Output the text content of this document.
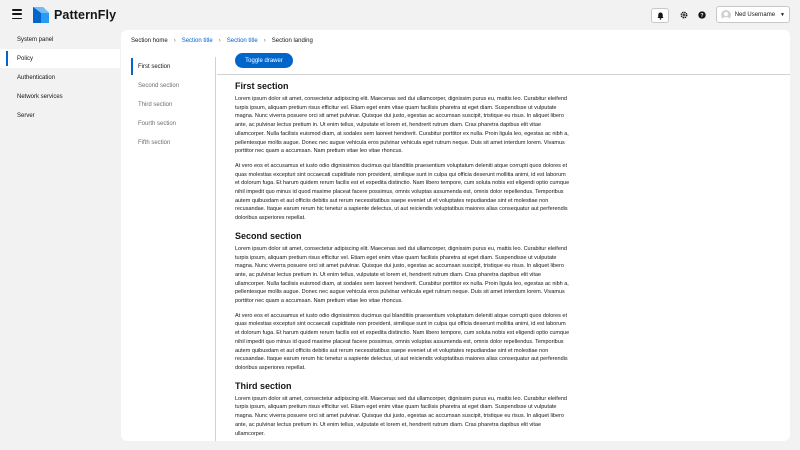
PatternFly	?	Ned Username ▼
System panel
Policy
Authentication
Network services
Server
Section home › Section title › Section title › Section landing
First section
Second section
Third section
Fourth section
Fifth section
Toggle drawer
First section

Lorem ipsum dolor sit amet, consectetur adipiscing elit. Maecenas sed dui ullamcorper, dignissim purus eu, mattis leo. Curabitur eleifend turpis ipsum, aliquam pretium risus efficitur vel. Etiam eget enim vitae quam facilisis pharetra at eget diam. Suspendisse ut vulputate magna. Nunc viverra posuere orci sit amet pulvinar. Quisque dui justo, egestas ac accumsan suscipit, tristique eu risus. In aliquet libero ante, ac pulvinar lectus pretium in. Ut enim tellus, vulputate et lorem et, hendrerit rutrum diam. Cras pharetra dapibus elit vitae ullamcorper. Nulla facilisis euismod diam, at sodales sem laoreet hendrerit. Curabitur porttitor ex nulla. Proin ligula leo, egestas ac nibh a, pellentesque mollis augue. Donec nec augue vehicula eros pulvinar vehicula eget rutrum neque. Duis sit amet interdum lorem. Vivamus porttitor nec quam a accumsan. Nam pretium vitae leo vitae rhoncus.

At vero eos et accusamus et iusto odio dignissimos ducimus qui blanditiis praesentium voluptatum deleniti atque corrupti quos dolores et quas molestias excepturi sint occaecati cupiditate non provident, similique sunt in culpa qui officia deserunt mollitia animi, id est laborum et dolorum fuga. Et harum quidem rerum facilis est et expedita distinctio. Nam libero tempore, cum soluta nobis est eligendi optio cumque nihil impedit quo minus id quod maxime placeat facere possimus, omnis voluptas assumenda est, omnis dolor repellendus. Temporibus autem quibusdam et aut officiis debitis aut rerum necessitatibus saepe eveniet ut et voluptates repudiandae sint et molestiae non recusandae. Itaque earum rerum hic tenetur a sapiente delectus, ut aut reiciendis voluptatibus maiores alias consequatur aut perferendis doloribus asperiores repellat.

Second section

Lorem ipsum dolor sit amet, consectetur adipiscing elit. Maecenas sed dui ullamcorper, dignissim purus eu, mattis leo. Curabitur eleifend turpis ipsum, aliquam pretium risus efficitur vel. Etiam eget enim vitae quam facilisis pharetra at eget diam. Suspendisse ut vulputate magna. Nunc viverra posuere orci sit amet pulvinar. Quisque dui justo, egestas ac accumsan suscipit, tristique eu risus. In aliquet libero ante, ac pulvinar lectus pretium in. Ut enim tellus, vulputate et lorem et, hendrerit rutrum diam. Cras pharetra dapibus elit vitae ullamcorper. Nulla facilisis euismod diam, at sodales sem laoreet hendrerit. Curabitur porttitor ex nulla. Proin ligula leo, egestas ac nibh a, pellentesque mollis augue. Donec nec augue vehicula eros pulvinar vehicula eget rutrum neque. Duis sit amet interdum lorem. Vivamus porttitor nec quam a accumsan. Nam pretium vitae leo vitae rhoncus.

At vero eos et accusamus et iusto odio dignissimos ducimus qui blanditiis praesentium voluptatum deleniti atque corrupti quos dolores et quas molestias excepturi sint occaecati cupiditate non provident, similique sunt in culpa qui officia deserunt mollitia animi, id est laborum et dolorum fuga. Et harum quidem rerum facilis est et expedita distinctio. Nam libero tempore, cum soluta nobis est eligendi optio cumque nihil impedit quo minus id quod maxime placeat facere possimus, omnis voluptas assumenda est, omnis dolor repellendus. Temporibus autem quibusdam et aut officiis debitis aut rerum necessitatibus saepe eveniet ut et voluptates repudiandae sint et molestiae non recusandae. Itaque earum rerum hic tenetur a sapiente delectus, ut aut reiciendis voluptatibus maiores alias consequatur aut perferendis doloribus asperiores repellat.

Third section

Lorem ipsum dolor sit amet, consectetur adipiscing elit. Maecenas sed dui ullamcorper, dignissim purus eu, mattis leo. Curabitur eleifend turpis ipsum, aliquam pretium risus efficitur vel. Etiam eget enim vitae quam facilisis pharetra at eget diam. Suspendisse ut vulputate magna. Nunc viverra posuere orci sit amet pulvinar. Quisque dui justo, egestas ac accumsan suscipit, tristique eu risus. In aliquet libero ante, ac pulvinar lectus pretium in. Ut enim tellus, vulputate et lorem et, hendrerit rutrum diam. Cras pharetra dapibus elit vitae ullamcorper.
